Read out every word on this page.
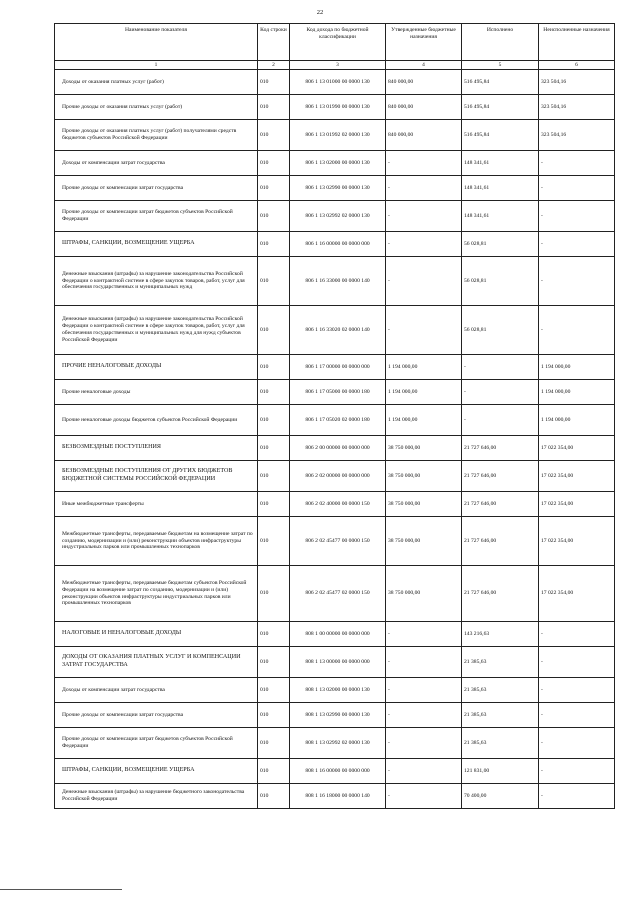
22
Наименование показателя	Код строки	Код дохода по бюджетной классификации	Утвержденные бюджетные назначения	Исполнено	Неисполненные назначения
1	2	3	4	5	6

Доходы от оказания платных услуг (работ)	010	806 1 13 01000 00 0000 130	840 000,00	516 495,84	323 504,16

Прочие доходы от оказания платных услуг (работ)	010	806 1 13 01990 00 0000 130	840 000,00	516 495,84	323 504,16

Прочие доходы от оказания платных услуг (работ) получателями средств бюджетов субъектов Российской Федерации	010	806 1 13 01992 02 0000 130	840 000,00	516 495,84	323 504,16

Доходы от компенсации затрат государства	010	806 1 13 02000 00 0000 130	-	148 341,61	-

Прочие доходы от компенсации затрат государства	010	806 1 13 02990 00 0000 130	-	148 341,61	-

Прочие доходы от компенсации затрат бюджетов субъектов Российской Федерации	010	806 1 13 02992 02 0000 130	-	148 341,61	-

ШТРАФЫ, САНКЦИИ, ВОЗМЕЩЕНИЕ УЩЕРБА	010	806 1 16 00000 00 0000 000	-	56 028,81	-

Денежные взыскания (штрафы) за нарушение законодательства Российской Федерации о контрактной системе в сфере закупок товаров, работ, услуг для обеспечения государственных и муниципальных нужд	010	806 1 16 33000 00 0000 140	-	56 028,81	-

Денежные взыскания (штрафы) за нарушение законодательства Российской Федерации о контрактной системе в сфере закупок товаров, работ, услуг для обеспечения государственных и муниципальных нужд для нужд субъектов Российской Федерации	010	806 1 16 33020 02 0000 140	-	56 028,81	-

ПРОЧИЕ НЕНАЛОГОВЫЕ ДОХОДЫ	010	806 1 17 00000 00 0000 000	1 194 000,00	-	1 194 000,00

Прочие неналоговые доходы	010	806 1 17 05000 00 0000 180	1 194 000,00	-	1 194 000,00

Прочие неналоговые доходы бюджетов субъектов Российской Федерации	010	806 1 17 05020 02 0000 180	1 194 000,00	-	1 194 000,00

БЕЗВОЗМЕЗДНЫЕ ПОСТУПЛЕНИЯ	010	806 2 00 00000 00 0000 000	38 750 000,00	21 727 646,00	17 022 354,00

БЕЗВОЗМЕЗДНЫЕ ПОСТУПЛЕНИЯ ОТ ДРУГИХ БЮДЖЕТОВ БЮДЖЕТНОЙ СИСТЕМЫ РОССИЙСКОЙ ФЕДЕРАЦИИ	010	806 2 02 00000 00 0000 000	38 750 000,00	21 727 646,00	17 022 354,00

Иные межбюджетные трансферты	010	806 2 02 40000 00 0000 150	38 750 000,00	21 727 646,00	17 022 354,00

Межбюджетные трансферты, передаваемые бюджетам на возмещение затрат по созданию, модернизации и (или) реконструкции объектов инфраструктуры индустриальных парков или промышленных технопарков	010	806 2 02 45477 00 0000 150	38 750 000,00	21 727 646,00	17 022 354,00

Межбюджетные трансферты, передаваемые бюджетам субъектов Российской Федерации на возмещение затрат по созданию, модернизации и (или) реконструкции объектов инфраструктуры индустриальных парков или промышленных технопарков	010	806 2 02 45477 02 0000 150	38 750 000,00	21 727 646,00	17 022 354,00

НАЛОГОВЫЕ И НЕНАЛОГОВЫЕ ДОХОДЫ	010	808 1 00 00000 00 0000 000	-	143 216,63	-

ДОХОДЫ ОТ ОКАЗАНИЯ ПЛАТНЫХ УСЛУГ И КОМПЕНСАЦИИ ЗАТРАТ ГОСУДАРСТВА	010	808 1 13 00000 00 0000 000	-	21 385,63	-

Доходы от компенсации затрат государства	010	808 1 13 02000 00 0000 130	-	21 385,63	-

Прочие доходы от компенсации затрат государства	010	808 1 13 02990 00 0000 130	-	21 385,63	-

Прочие доходы от компенсации затрат бюджетов субъектов Российской Федерации	010	808 1 13 02992 02 0000 130	-	21 385,63	-

ШТРАФЫ, САНКЦИИ, ВОЗМЕЩЕНИЕ УЩЕРБА	010	808 1 16 00000 00 0000 000	-	121 831,00	-

Денежные взыскания (штрафы) за нарушение бюджетного законодательства Российской Федерации	010	808 1 16 18000 00 0000 140	-	70 400,00	-
